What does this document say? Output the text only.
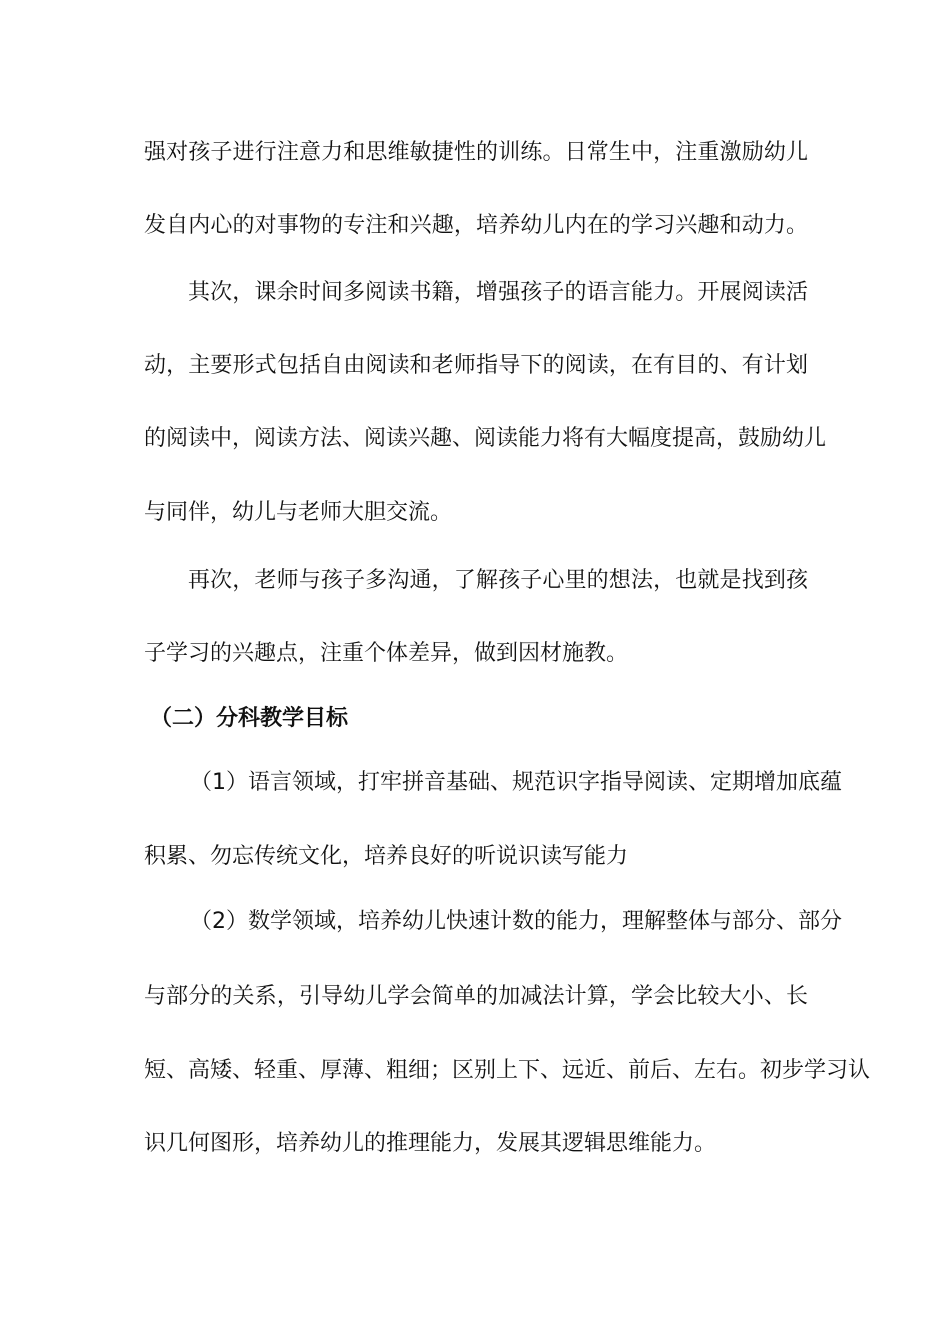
强对孩子进行注意力和思维敏捷性的训练。日常生中，注重激励幼儿
发自内心的对事物的专注和兴趣，培养幼儿内在的学习兴趣和动力。
其次，课余时间多阅读书籍，增强孩子的语言能力。开展阅读活
动，主要形式包括自由阅读和老师指导下的阅读，在有目的、有计划
的阅读中，阅读方法、阅读兴趣、阅读能力将有大幅度提高，鼓励幼儿
与同伴，幼儿与老师大胆交流。
再次，老师与孩子多沟通，了解孩子心里的想法，也就是找到孩
子学习的兴趣点，注重个体差异，做到因材施教。
（二）分科教学目标
（1）语言领域，打牢拼音基础、规范识字指导阅读、定期增加底蕴
积累、勿忘传统文化，培养良好的听说识读写能力
（2）数学领域，培养幼儿快速计数的能力，理解整体与部分、部分
与部分的关系，引导幼儿学会简单的加减法计算，学会比较大小、长
短、高矮、轻重、厚薄、粗细；区别上下、远近、前后、左右。初步学习认
识几何图形，培养幼儿的推理能力，发展其逻辑思维能力。
